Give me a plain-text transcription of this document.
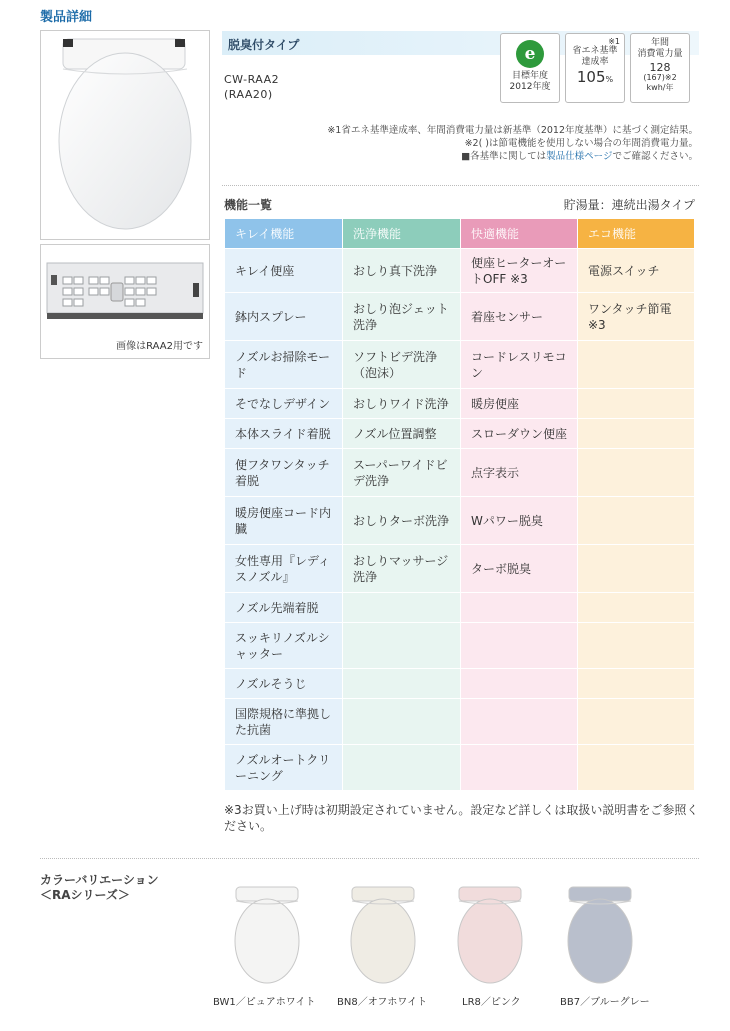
製品詳細
画像はRAA2用です
脱臭付タイプ
CW-RAA2
(RAA20)
e
目標年度
2012年度
※1
省エネ基準
達成率
105%
年間
消費電力量
128
(167)※2
kwh/年
※1省エネ基準達成率、年間消費電力量は新基準（2012年度基準）に基づく測定結果。
※2( )は節電機能を使用しない場合の年間消費電力量。
■各基準に関しては製品仕様ページでご確認ください。
機能一覧	貯湯量：連続出湯タイプ
キレイ機能	洗浄機能	快適機能	エコ機能
キレイ便座	おしり真下洗浄	便座ヒーターオートOFF ※3	電源スイッチ
鉢内スプレー	おしり泡ジェット洗浄	着座センサー	ワンタッチ節電※3
ノズルお掃除モード	ソフトビデ洗浄（泡沫）	コードレスリモコン	
そでなしデザイン	おしりワイド洗浄	暖房便座	
本体スライド着脱	ノズル位置調整	スローダウン便座	
便フタワンタッチ着脱	スーパーワイドビデ洗浄	点字表示	
暖房便座コード内臓	おしりターボ洗浄	Wパワー脱臭	
女性専用『レディスノズル』	おしりマッサージ洗浄	ターボ脱臭	
ノズル先端着脱			
スッキリノズルシャッター			
ノズルそうじ			
国際規格に準拠した抗菌			
ノズルオートクリーニング			
※3お買い上げ時は初期設定されていません。設定など詳しくは取扱い説明書をご参照ください。
カラーバリエーション
＜RAシリーズ＞
BW1／ピュアホワイト BN8／オフホワイト	LR8／ピンク	BB7／ブルーグレー
